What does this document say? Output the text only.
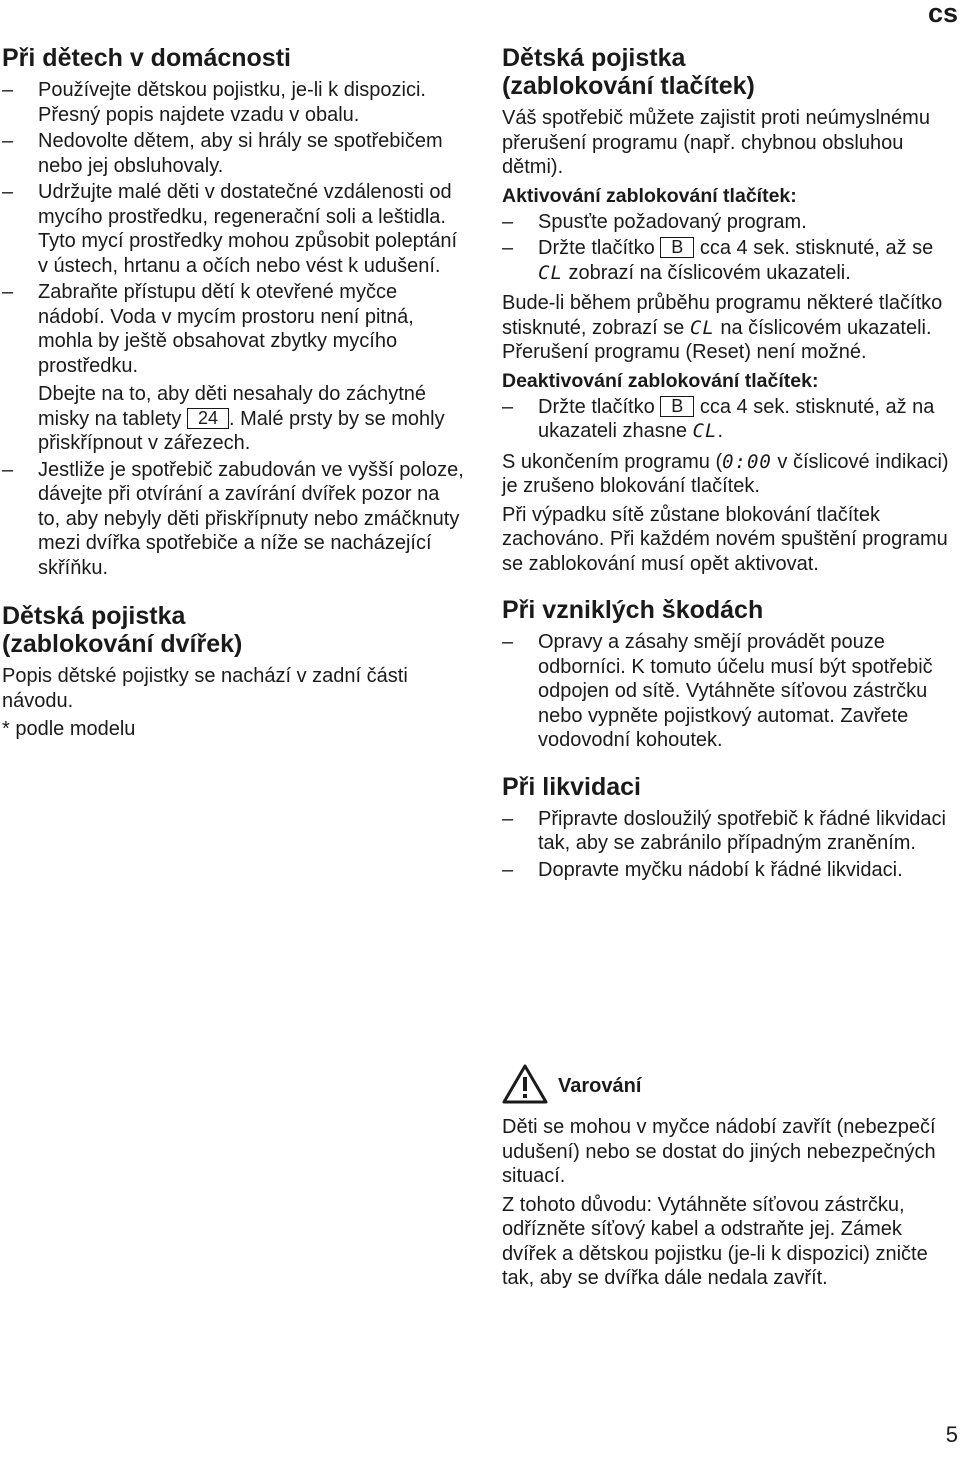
cs
Při dětech v domácnosti
– Používejte dětskou pojistku, je-li k dispozici. Přesný popis najdete vzadu v obalu.
– Nedovolte dětem, aby si hrály se spotřebičem nebo jej obsluhovaly.
– Udržujte malé děti v dostatečné vzdálenosti od mycího prostředku, regenerační soli a leštidla. Tyto mycí prostředky mohou způsobit poleptání v ústech, hrtanu a očích nebo vést k udušení.
– Zabraňte přístupu dětí k otevřené myčce nádobí. Voda v mycím prostoru není pitná, mohla by ještě obsahovat zbytky mycího prostředku.
Dbejte na to, aby děti nesahaly do záchytné misky na tablety 24 . Malé prsty by se mohly přiskřípnout v zářezech.
– Jestliže je spotřebič zabudován ve vyšší poloze, dávejte při otvírání a zavírání dvířek pozor na to, aby nebyly děti přiskřípnuty nebo zmáčknuty mezi dvířka spotřebiče a níže se nacházející skříňku.
Dětská pojistka
(zablokování dvířek)

Popis dětské pojistky se nachází v zadní části návodu.

* podle modelu

Dětská pojistka
(zablokování tlačítek)

Váš spotřebič můžete zajistit proti neúmyslnému přerušení programu (např. chybnou obsluhou dětmi).

Aktivování zablokování tlačítek:
– Spusťte požadovaný program.
– Držte tlačítko B cca 4 sek. stisknuté, až se CL zobrazí na číslicovém ukazateli.

Bude-li během průběhu programu některé tlačítko stisknuté, zobrazí se CL na číslicovém ukazateli. Přerušení programu (Reset) není možné.

Deaktivování zablokování tlačítek:
– Držte tlačítko B cca 4 sek. stisknuté, až na ukazateli zhasne CL.

S ukončením programu (0:00 v číslicové indikaci) je zrušeno blokování tlačítek.

Při výpadku sítě zůstane blokování tlačítek zachováno. Při každém novém spuštění programu se zablokování musí opět aktivovat.

Při vzniklých škodách
– Opravy a zásahy smějí provádět pouze odborníci. K tomuto účelu musí být spotřebič odpojen od sítě. Vytáhněte síťovou zástrčku nebo vypněte pojistkový automat. Zavřete vodovodní kohoutek.
Při likvidaci
– Připravte dosloužilý spotřebič k řádné likvidaci tak, aby se zabránilo případným zraněním.
– Dopravte myčku nádobí k řádné likvidaci.
Varování

Děti se mohou v myčce nádobí zavřít (nebezpečí udušení) nebo se dostat do jiných nebezpečných situací.

Z tohoto důvodu: Vytáhněte síťovou zástrčku, odřízněte síťový kabel a odstraňte jej. Zámek dvířek a dětskou pojistku (je-li k dispozici) zničte tak, aby se dvířka dále nedala zavřít.

5
